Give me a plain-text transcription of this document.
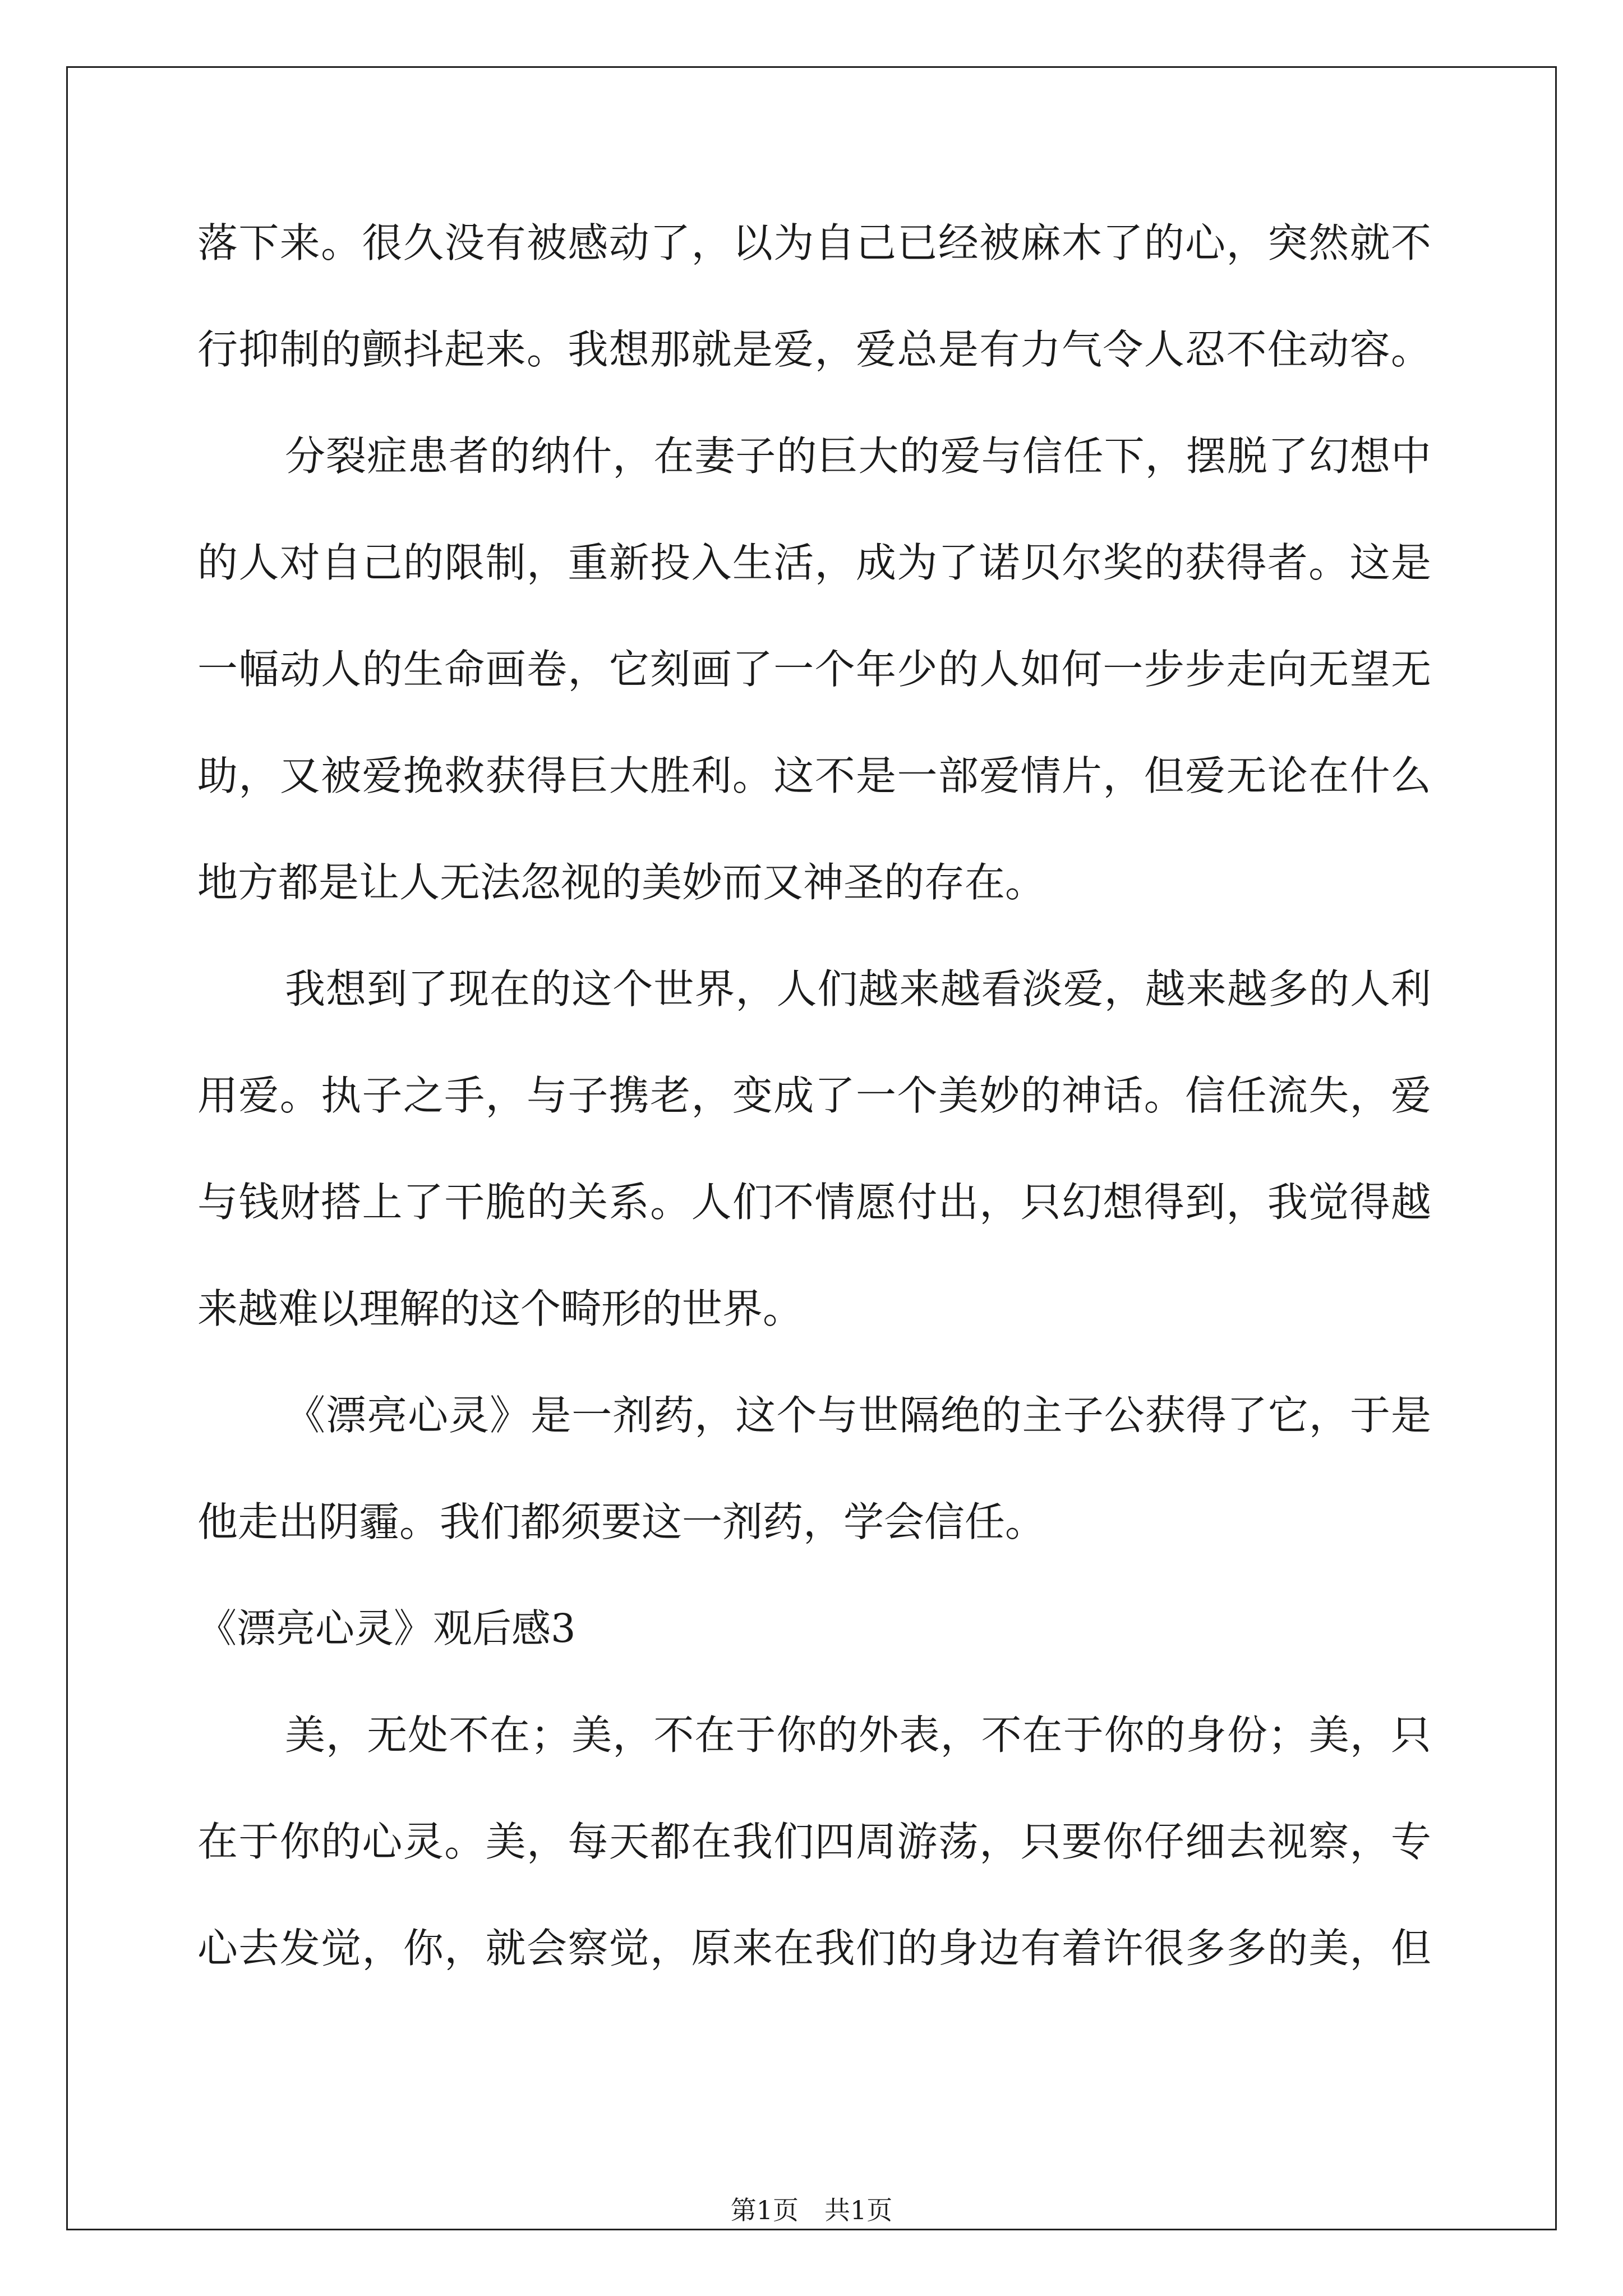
落下来。很久没有被感动了，以为自己已经被麻木了的心，突然就不
行抑制的颤抖起来。我想那就是爱，爱总是有力气令人忍不住动容。
分裂症患者的纳什，在妻子的巨大的爱与信任下，摆脱了幻想中
的人对自己的限制，重新投入生活，成为了诺贝尔奖的获得者。这是
一幅动人的生命画卷，它刻画了一个年少的人如何一步步走向无望无
助，又被爱挽救获得巨大胜利。这不是一部爱情片，但爱无论在什么
地方都是让人无法忽视的美妙而又神圣的存在。
我想到了现在的这个世界，人们越来越看淡爱，越来越多的人利
用爱。执子之手，与子携老，变成了一个美妙的神话。信任流失，爱
与钱财搭上了干脆的关系。人们不情愿付出，只幻想得到，我觉得越
来越难以理解的这个畸形的世界。
《漂亮心灵》是一剂药，这个与世隔绝的主子公获得了它，于是
他走出阴霾。我们都须要这一剂药，学会信任。
《漂亮心灵》观后感3
美，无处不在；美，不在于你的外表，不在于你的身份；美，只
在于你的心灵。美，每天都在我们四周游荡，只要你仔细去视察，专
心去发觉，你，就会察觉，原来在我们的身边有着许很多多的美，但
第1页　共1页
